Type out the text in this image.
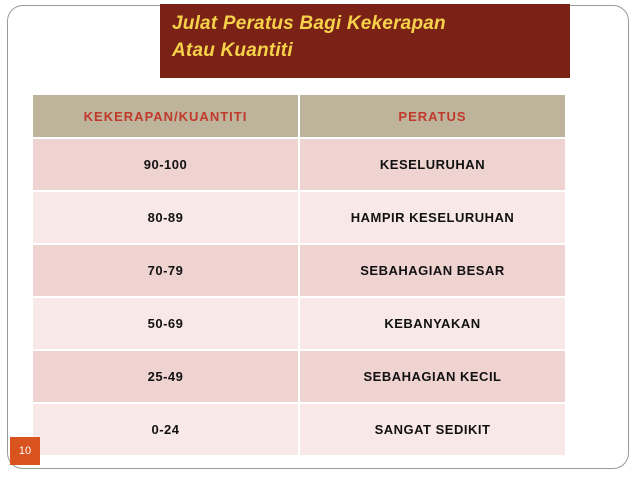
Julat Peratus Bagi Kekerapan
Atau Kuantiti
KEKERAPAN/KUANTITI	PERATUS
90-100	KESELURUHAN
80-89	HAMPIR KESELURUHAN
70-79	SEBAHAGIAN BESAR
50-69	KEBANYAKAN
25-49	SEBAHAGIAN KECIL
0-24	SANGAT SEDIKIT
10
